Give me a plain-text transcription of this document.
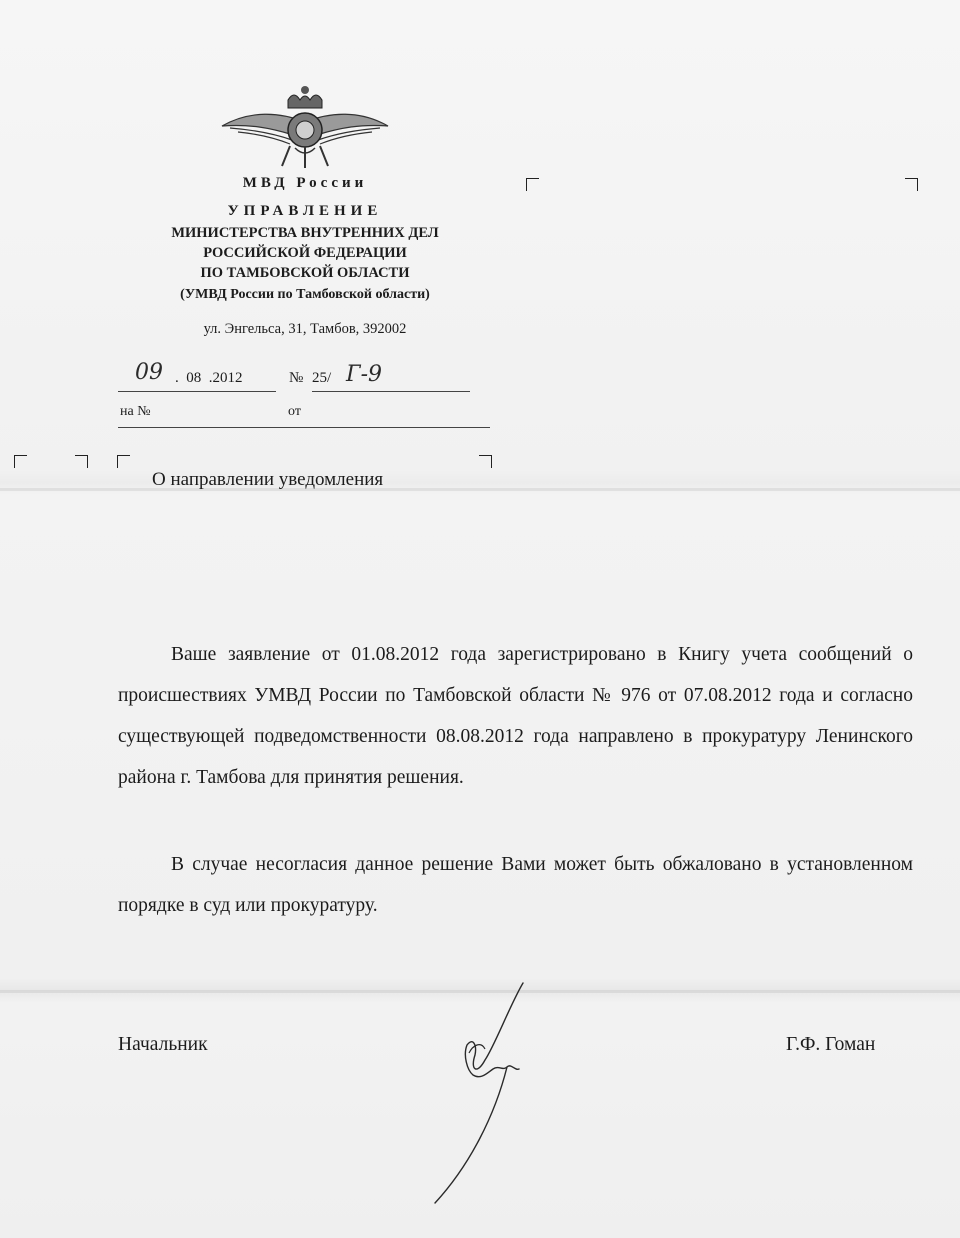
МВД России
УПРАВЛЕНИЕ
МИНИСТЕРСТВА ВНУТРЕННИХ ДЕЛ
РОССИЙСКОЙ ФЕДЕРАЦИИ
ПО ТАМБОВСКОЙ ОБЛАСТИ
(УМВД России по Тамбовской области)
ул. Энгельса, 31, Тамбов, 392002
09 .  08  .2012	№ 25/ Г-9
на №	от
О направлении уведомления
Ваше заявление от 01.08.2012 года зарегистрировано в Книгу учета сообщений о происшествиях УМВД России по Тамбовской области № 976 от 07.08.2012 года и согласно существующей подведомственности 08.08.2012 года направлено в прокуратуру Ленинского района г. Тамбова для принятия решения.
В случае несогласия данное решение Вами может быть обжаловано в установленном порядке в суд или прокуратуру.
Начальник	Г.Ф. Гоман
